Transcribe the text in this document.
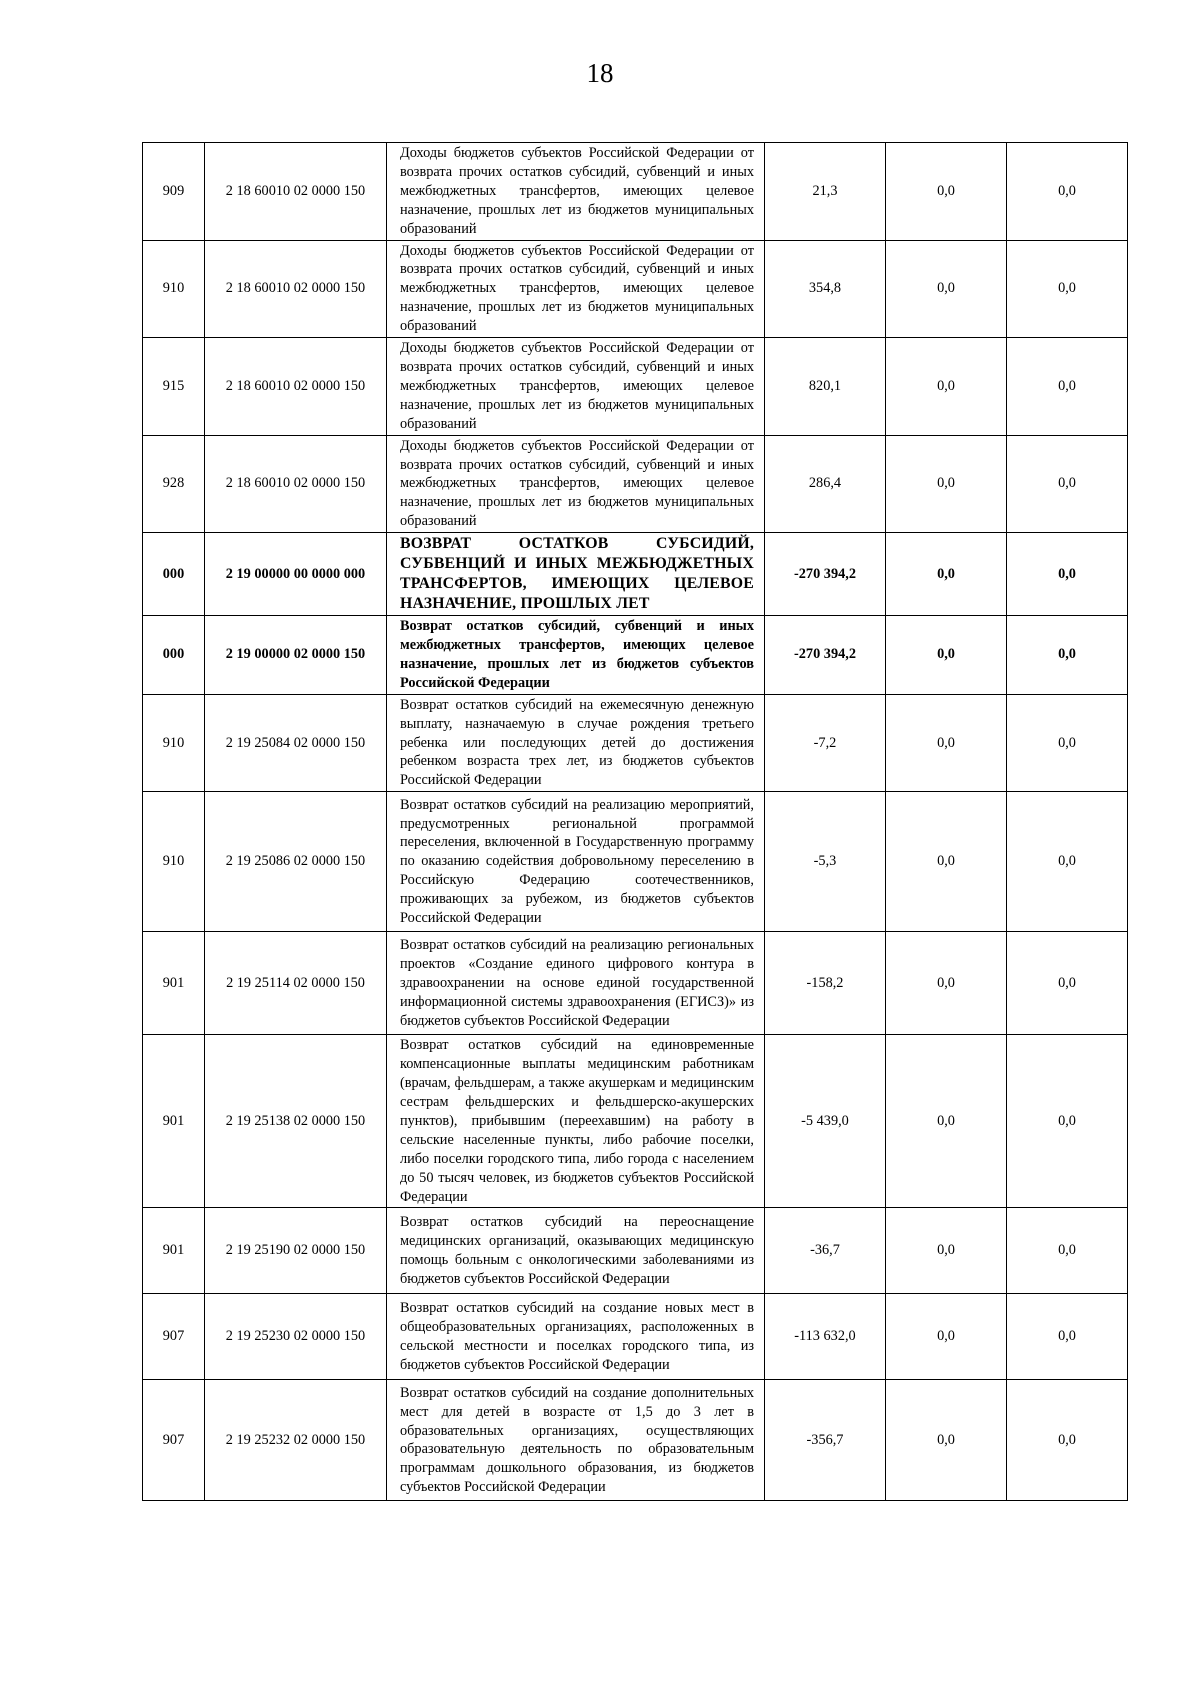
18
909	2 18 60010 02 0000 150	Доходы бюджетов субъектов Российской Федерации от возврата прочих остатков субсидий, субвенций и иных межбюджетных трансфертов, имеющих целевое назначение, прошлых лет из бюджетов муниципальных образований	21,3	0,0	0,0
910	2 18 60010 02 0000 150	Доходы бюджетов субъектов Российской Федерации от возврата прочих остатков субсидий, субвенций и иных межбюджетных трансфертов, имеющих целевое назначение, прошлых лет из бюджетов муниципальных образований	354,8	0,0	0,0
915	2 18 60010 02 0000 150	Доходы бюджетов субъектов Российской Федерации от возврата прочих остатков субсидий, субвенций и иных межбюджетных трансфертов, имеющих целевое назначение, прошлых лет из бюджетов муниципальных образований	820,1	0,0	0,0
928	2 18 60010 02 0000 150	Доходы бюджетов субъектов Российской Федерации от возврата прочих остатков субсидий, субвенций и иных межбюджетных трансфертов, имеющих целевое назначение, прошлых лет из бюджетов муниципальных образований	286,4	0,0	0,0
000	2 19 00000 00 0000 000	ВОЗВРАТ ОСТАТКОВ СУБСИДИЙ, СУБВЕНЦИЙ И ИНЫХ МЕЖБЮДЖЕТНЫХ ТРАНСФЕРТОВ, ИМЕЮЩИХ ЦЕЛЕВОЕ НАЗНАЧЕНИЕ, ПРОШЛЫХ ЛЕТ	-270 394,2	0,0	0,0
000	2 19 00000 02 0000 150	Возврат остатков субсидий, субвенций и иных межбюджетных трансфертов, имеющих целевое назначение, прошлых лет из бюджетов субъектов Российской Федерации	-270 394,2	0,0	0,0
910	2 19 25084 02 0000 150	Возврат остатков субсидий на ежемесячную денежную выплату, назначаемую в случае рождения третьего ребенка или последующих детей до достижения ребенком возраста трех лет, из бюджетов субъектов Российской Федерации	-7,2	0,0	0,0
910	2 19 25086 02 0000 150	Возврат остатков субсидий на реализацию мероприятий, предусмотренных региональной программой переселения, включенной в Государственную программу по оказанию содействия добровольному переселению в Российскую Федерацию соотечественников, проживающих за рубежом, из бюджетов субъектов Российской Федерации	-5,3	0,0	0,0
901	2 19 25114 02 0000 150	Возврат остатков субсидий на реализацию региональных проектов «Создание единого цифрового контура в здравоохранении на основе единой государственной информационной системы здравоохранения (ЕГИСЗ)» из бюджетов субъектов Российской Федерации	-158,2	0,0	0,0
901	2 19 25138 02 0000 150	Возврат остатков субсидий на единовременные компенсационные выплаты медицинским работникам (врачам, фельдшерам, а также акушеркам и медицинским сестрам фельдшерских и фельдшерско-акушерских пунктов), прибывшим (переехавшим) на работу в сельские населенные пункты, либо рабочие поселки, либо поселки городского типа, либо города с населением до 50 тысяч человек, из бюджетов субъектов Российской Федерации	-5 439,0	0,0	0,0
901	2 19 25190 02 0000 150	Возврат остатков субсидий на переоснащение медицинских организаций, оказывающих медицинскую помощь больным с онкологическими заболеваниями из бюджетов субъектов Российской Федерации	-36,7	0,0	0,0
907	2 19 25230 02 0000 150	Возврат остатков субсидий на создание новых мест в общеобразовательных организациях, расположенных в сельской местности и поселках городского типа, из бюджетов субъектов Российской Федерации	-113 632,0	0,0	0,0
907	2 19 25232 02 0000 150	Возврат остатков субсидий на создание дополнительных мест для детей в возрасте от 1,5 до 3 лет в образовательных организациях, осуществляющих образовательную деятельность по образовательным программам дошкольного образования, из бюджетов субъектов Российской Федерации	-356,7	0,0	0,0
